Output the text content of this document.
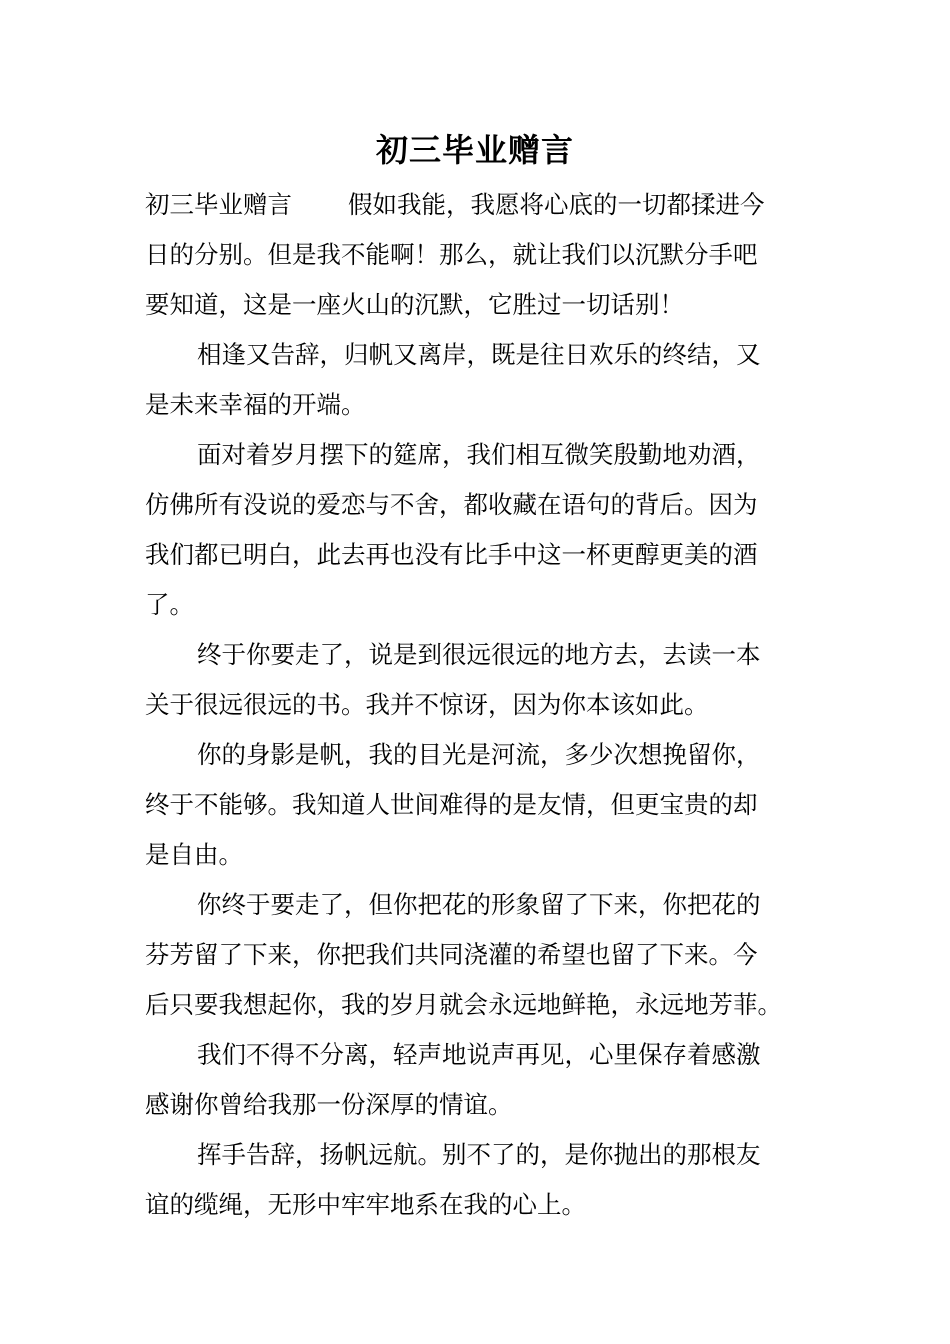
初三毕业赠言
初三毕业赠言 假如我能，我愿将心底的一切都揉进今
日的分别。但是我不能啊！那么，就让我们以沉默分手吧
要知道，这是一座火山的沉默，它胜过一切话别！
相逢又告辞，归帆又离岸，既是往日欢乐的终结，又
是未来幸福的开端。
面对着岁月摆下的筵席，我们相互微笑殷勤地劝酒，
仿佛所有没说的爱恋与不舍，都收藏在语句的背后。因为
我们都已明白，此去再也没有比手中这一杯更醇更美的酒
了。
终于你要走了，说是到很远很远的地方去，去读一本
关于很远很远的书。我并不惊讶，因为你本该如此。
你的身影是帆，我的目光是河流，多少次想挽留你，
终于不能够。我知道人世间难得的是友情，但更宝贵的却
是自由。
你终于要走了，但你把花的形象留了下来，你把花的
芬芳留了下来，你把我们共同浇灌的希望也留了下来。今
后只要我想起你，我的岁月就会永远地鲜艳，永远地芳菲。
我们不得不分离，轻声地说声再见，心里保存着感激
感谢你曾给我那一份深厚的情谊。
挥手告辞，扬帆远航。别不了的，是你抛出的那根友
谊的缆绳，无形中牢牢地系在我的心上。
